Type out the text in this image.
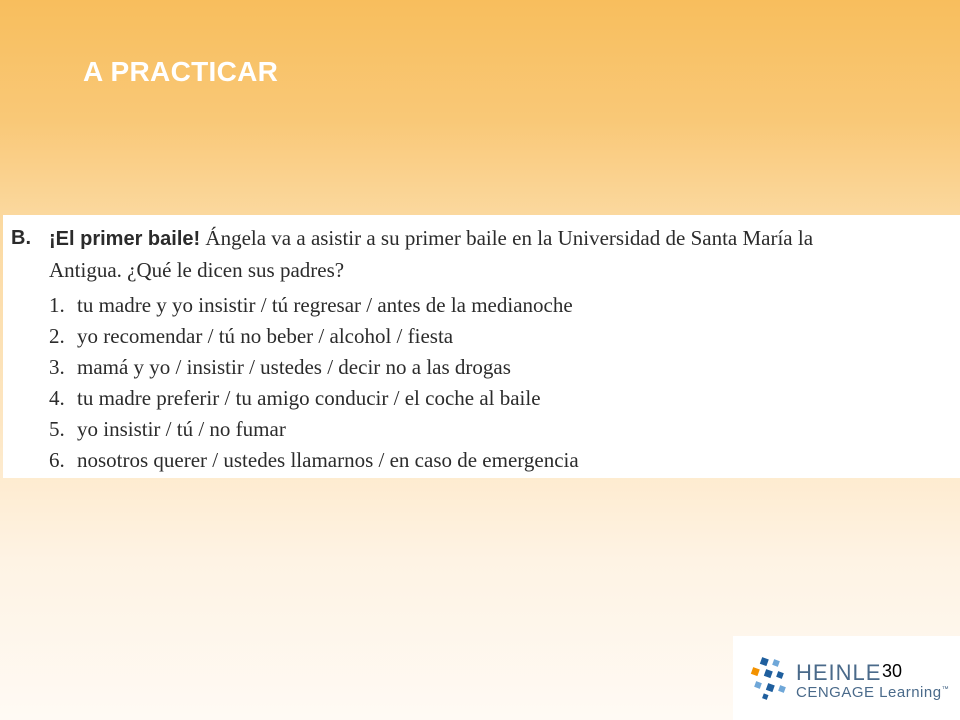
A PRACTICAR
B. ¡El primer baile! Ángela va a asistir a su primer baile en la Universidad de Santa María la
Antigua. ¿Qué le dicen sus padres?
1. tu madre y yo insistir / tú regresar / antes de la medianoche
2. yo recomendar / tú no beber / alcohol / fiesta
3. mamá y yo / insistir / ustedes / decir no a las drogas
4. tu madre preferir / tu amigo conducir / el coche al baile
5. yo insistir / tú / no fumar
6. nosotros querer / ustedes llamarnos / en caso de emergencia
HEINLE
CENGAGE Learning™
30
